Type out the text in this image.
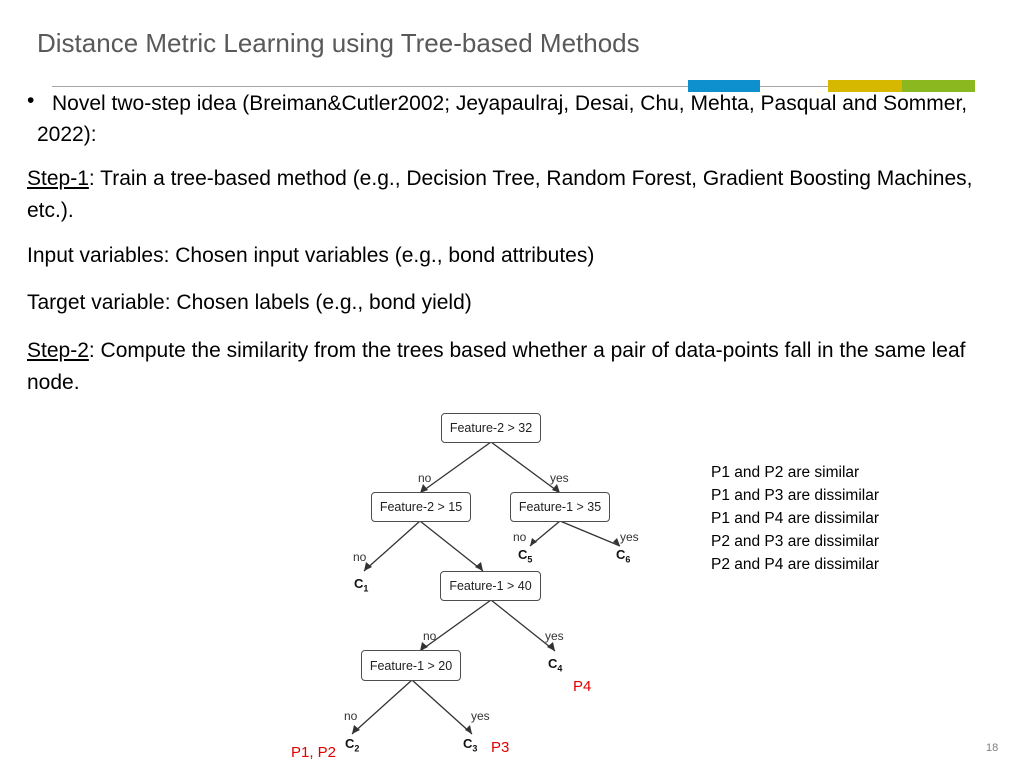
Distance Metric Learning using Tree-based Methods
• Novel two-step idea (Breiman&Cutler2002; Jeyapaulraj, Desai, Chu, Mehta, Pasqual and Sommer, 2022):
Step-1: Train a tree-based method (e.g., Decision Tree, Random Forest, Gradient Boosting Machines, etc.).
Input variables: Chosen input variables (e.g., bond attributes)
Target variable: Chosen labels (e.g., bond yield)
Step-2: Compute the similarity from the trees based whether a pair of data-points fall in the same leaf node.
Feature-2 > 32
Feature-2 > 15	Feature-1 > 35
Feature-1 > 40
Feature-1 > 20
no	yes
no
no	yes
no	yes
no	yes
$C_1$
$C_2$	$C_3$
$C_4$
$C_5$	$C_6$
P4
P1, P2	P3
P1 and P2 are similar
P1 and P3 are dissimilar
P1 and P4 are dissimilar
P2 and P3 are dissimilar
P2 and P4 are dissimilar
18
